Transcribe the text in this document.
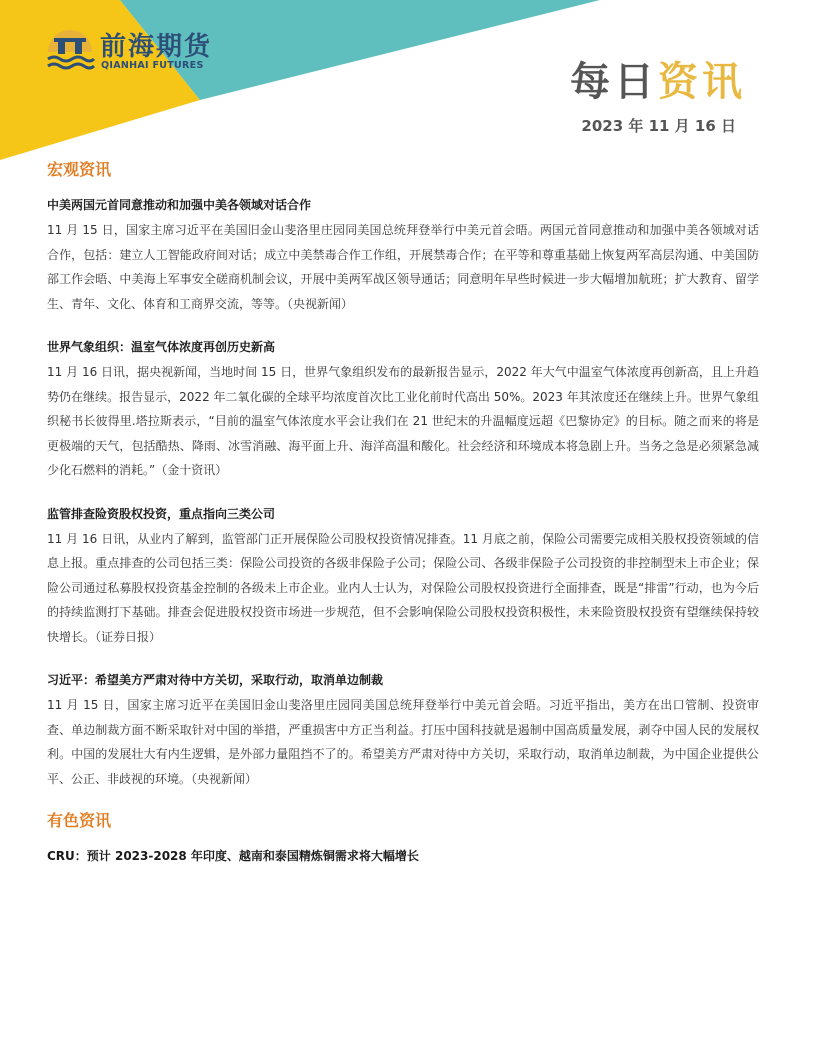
前海期货
QIANHAI FUTURES	每日资讯
2023 年 11 月 16 日
宏观资讯
中美两国元首同意推动和加强中美各领域对话合作

11 月 15 日，国家主席习近平在美国旧金山斐洛里庄园同美国总统拜登举行中美元首会晤。两国元首同意推动和加强中美各领域对话合作，包括：建立人工智能政府间对话；成立中美禁毒合作工作组，开展禁毒合作；在平等和尊重基础上恢复两军高层沟通、中美国防部工作会晤、中美海上军事安全磋商机制会议，开展中美两军战区领导通话；同意明年早些时候进一步大幅增加航班；扩大教育、留学生、青年、文化、体育和工商界交流，等等。（央视新闻）

世界气象组织：温室气体浓度再创历史新高

11 月 16 日讯，据央视新闻，当地时间 15 日，世界气象组织发布的最新报告显示，2022 年大气中温室气体浓度再创新高，且上升趋势仍在继续。报告显示，2022 年二氧化碳的全球平均浓度首次比工业化前时代高出 50%。2023 年其浓度还在继续上升。世界气象组织秘书长彼得里.塔拉斯表示，“目前的温室气体浓度水平会让我们在 21 世纪末的升温幅度远超《巴黎协定》的目标。随之而来的将是更极端的天气，包括酷热、降雨、冰雪消融、海平面上升、海洋高温和酸化。社会经济和环境成本将急剧上升。当务之急是必须紧急减少化石燃料的消耗。”（金十资讯）

监管排查险资股权投资，重点指向三类公司

11 月 16 日讯，从业内了解到，监管部门正开展保险公司股权投资情况排查。11 月底之前，保险公司需要完成相关股权投资领域的信息上报。重点排查的公司包括三类：保险公司投资的各级非保险子公司；保险公司、各级非保险子公司投资的非控制型未上市企业；保险公司通过私募股权投资基金控制的各级未上市企业。业内人士认为，对保险公司股权投资进行全面排查，既是“排雷”行动，也为今后的持续监测打下基础。排查会促进股权投资市场进一步规范，但不会影响保险公司股权投资积极性，未来险资股权投资有望继续保持较快增长。（证券日报）

习近平：希望美方严肃对待中方关切，采取行动，取消单边制裁

11 月 15 日，国家主席习近平在美国旧金山斐洛里庄园同美国总统拜登举行中美元首会晤。习近平指出，美方在出口管制、投资审查、单边制裁方面不断采取针对中国的举措，严重损害中方正当利益。打压中国科技就是遏制中国高质量发展，剥夺中国人民的发展权利。中国的发展壮大有内生逻辑，是外部力量阻挡不了的。希望美方严肃对待中方关切，采取行动，取消单边制裁，为中国企业提供公平、公正、非歧视的环境。（央视新闻）

有色资讯
CRU：预计 2023-2028 年印度、越南和泰国精炼铜需求将大幅增长
